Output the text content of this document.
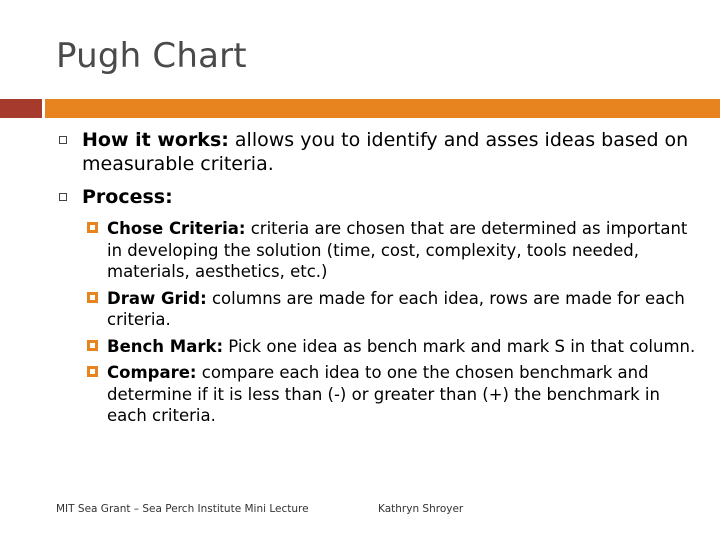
Pugh Chart
How it works: allows you to identify and asses ideas based on measurable criteria.
Process:
Chose Criteria: criteria are chosen that are determined as important in developing the solution (time, cost, complexity, tools needed, materials, aesthetics, etc.)
Draw Grid: columns are made for each idea, rows are made for each criteria.
Bench Mark: Pick one idea as bench mark and mark S in that column.
Compare: compare each idea to one the chosen benchmark and determine if it is less than (-) or greater than (+) the benchmark in each criteria.
MIT Sea Grant – Sea Perch Institute Mini Lecture	Kathryn Shroyer
